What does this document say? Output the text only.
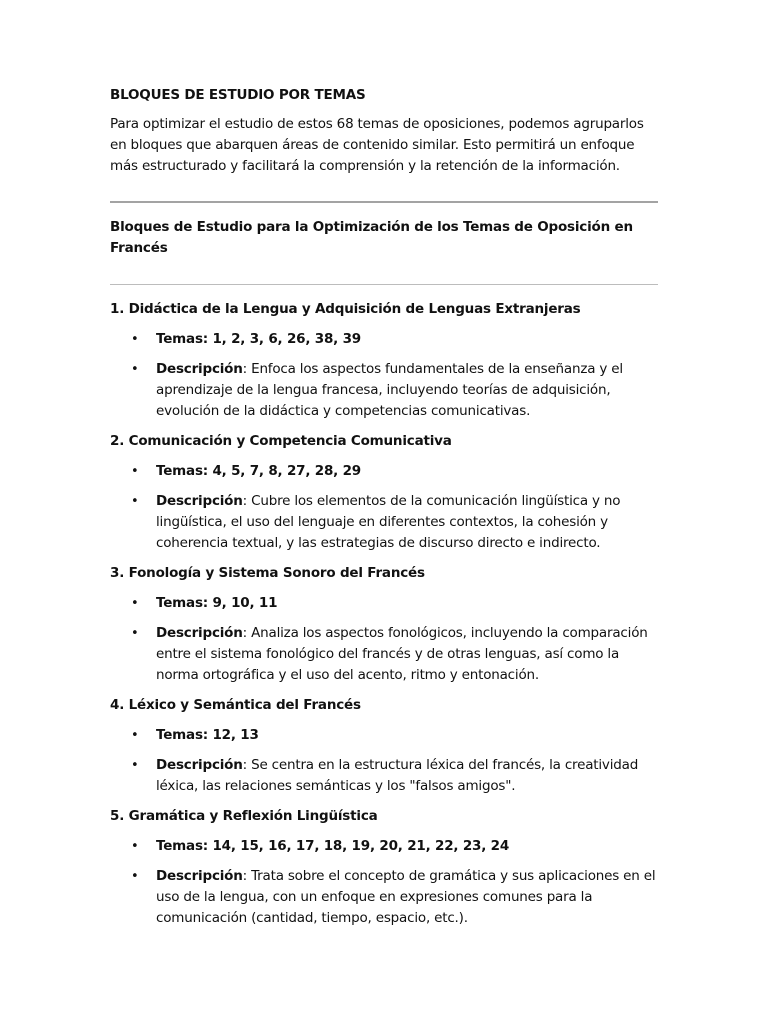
BLOQUES DE ESTUDIO POR TEMAS

Para optimizar el estudio de estos 68 temas de oposiciones, podemos agruparlos en bloques que abarquen áreas de contenido similar. Esto permitirá un enfoque más estructurado y facilitará la comprensión y la retención de la información.

Bloques de Estudio para la Optimización de los Temas de Oposición en Francés
1. Didáctica de la Lengua y Adquisición de Lenguas Extranjeras
• Temas: 1, 2, 3, 6, 26, 38, 39
• Descripción: Enfoca los aspectos fundamentales de la enseñanza y el aprendizaje de la lengua francesa, incluyendo teorías de adquisición, evolución de la didáctica y competencias comunicativas.
2. Comunicación y Competencia Comunicativa
• Temas: 4, 5, 7, 8, 27, 28, 29
• Descripción: Cubre los elementos de la comunicación lingüística y no lingüística, el uso del lenguaje en diferentes contextos, la cohesión y coherencia textual, y las estrategias de discurso directo e indirecto.
3. Fonología y Sistema Sonoro del Francés
• Temas: 9, 10, 11
• Descripción: Analiza los aspectos fonológicos, incluyendo la comparación entre el sistema fonológico del francés y de otras lenguas, así como la norma ortográfica y el uso del acento, ritmo y entonación.
4. Léxico y Semántica del Francés
• Temas: 12, 13
• Descripción: Se centra en la estructura léxica del francés, la creatividad léxica, las relaciones semánticas y los "falsos amigos".
5. Gramática y Reflexión Lingüística
• Temas: 14, 15, 16, 17, 18, 19, 20, 21, 22, 23, 24
• Descripción: Trata sobre el concepto de gramática y sus aplicaciones en el uso de la lengua, con un enfoque en expresiones comunes para la comunicación (cantidad, tiempo, espacio, etc.).
